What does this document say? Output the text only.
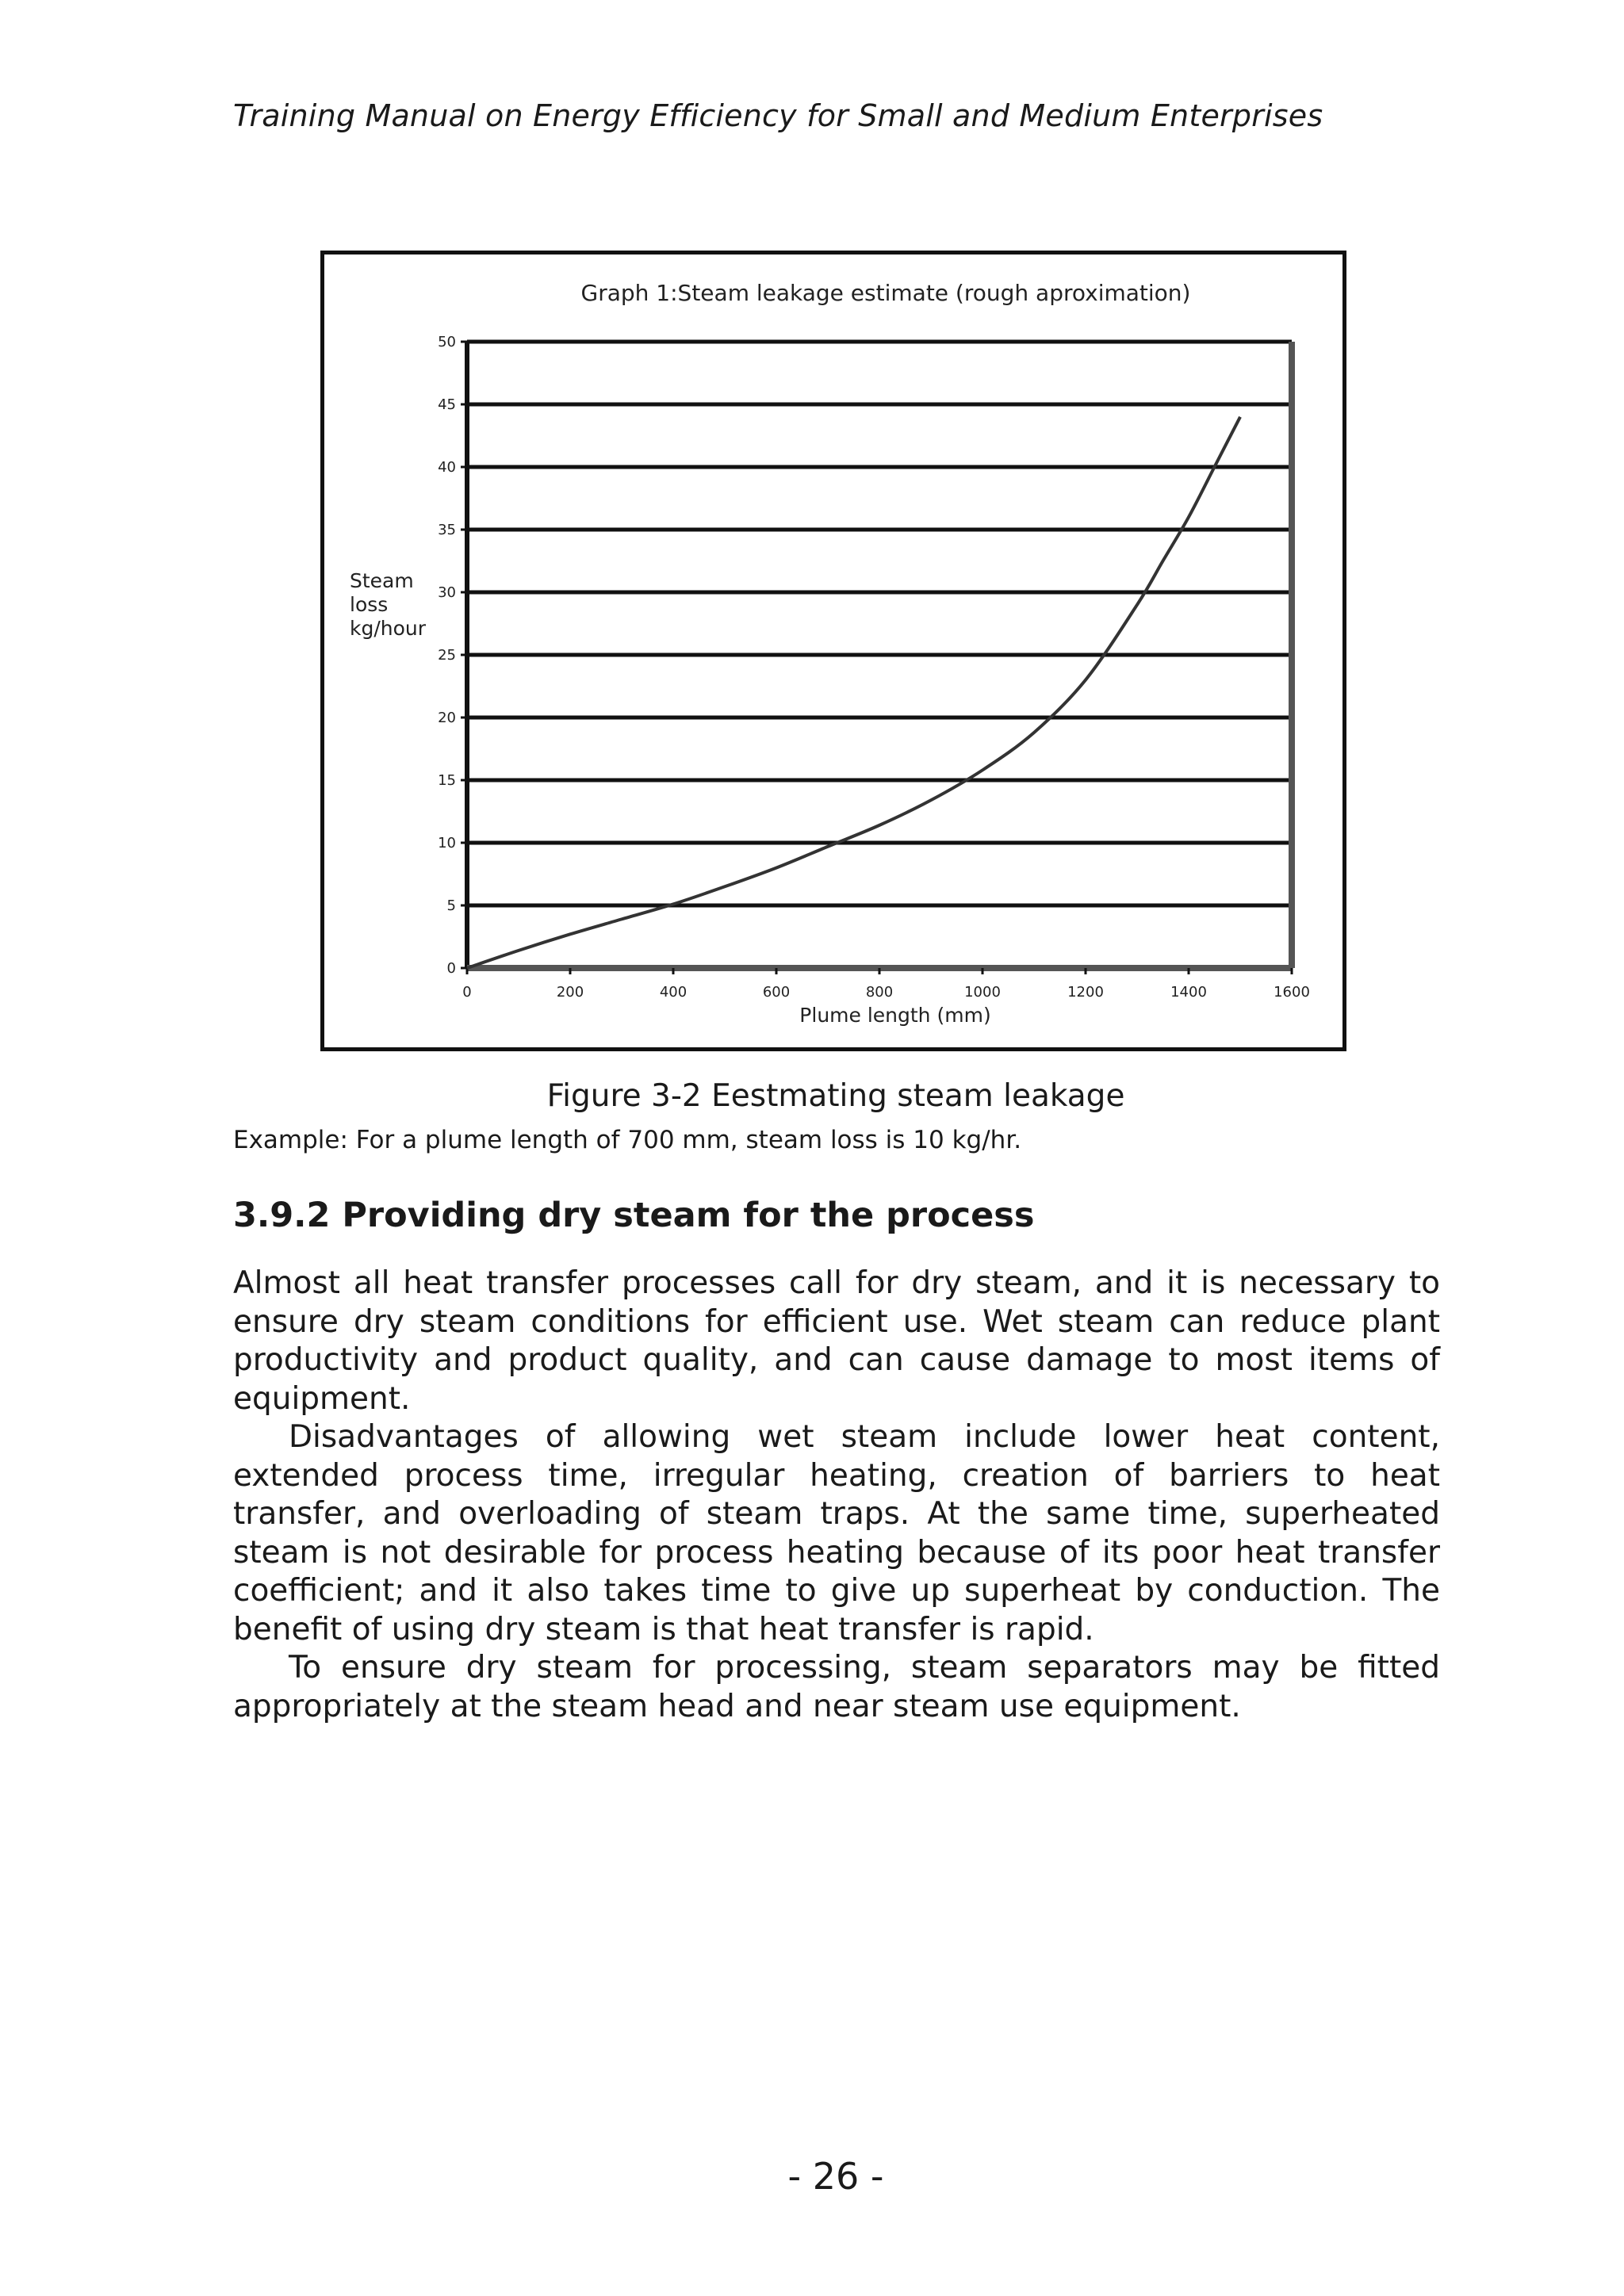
Training Manual on Energy Efficiency for Small and Medium Enterprises
Graph 1:Steam leakage estimate (rough aproximation)
0
5
10
15
20
25
30
35
40
45
50
0	200	400	600	800	1000	1200	1400	1600
Steam
loss
kg/hour
Plume length (mm)
Figure 3-2 Eestmating steam leakage
Example: For a plume length of 700 mm, steam loss is 10 kg/hr.
3.9.2 Providing dry steam for the process

Almost all heat transfer processes call for dry steam, and it is necessary to ensure dry steam conditions for efficient use. Wet steam can reduce plant productivity and product quality, and can cause damage to most items of equipment.

Disadvantages of allowing wet steam include lower heat content, extended process time, irregular heating, creation of barriers to heat transfer, and overloading of steam traps. At the same time, superheated steam is not desirable for process heating because of its poor heat transfer coefficient; and it also takes time to give up superheat by conduction. The benefit of using dry steam is that heat transfer is rapid.

To ensure dry steam for processing, steam separators may be fitted appropriately at the steam head and near steam use equipment.

- 26 -
